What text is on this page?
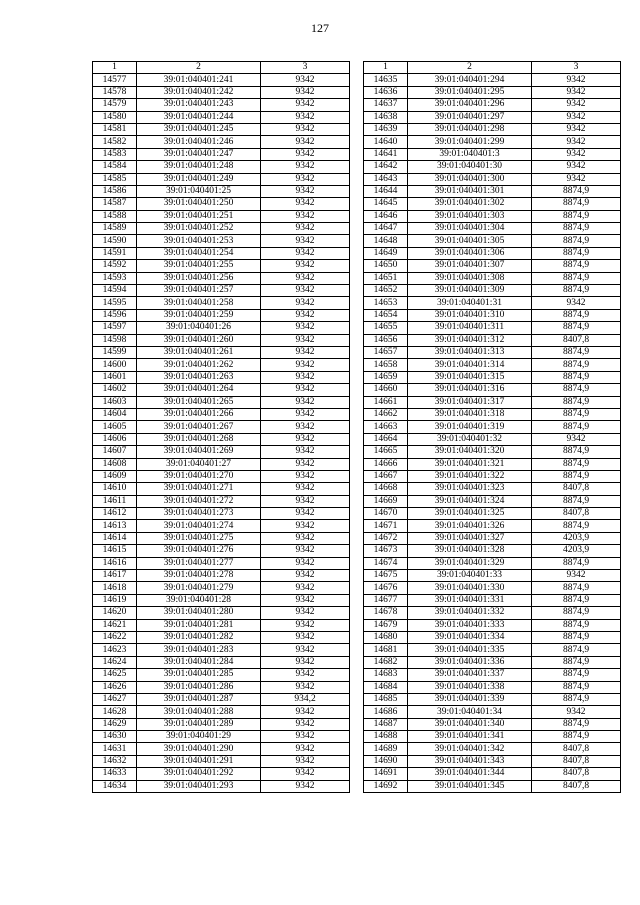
127
1	2	3
14577	39:01:040401:241	9342
14578	39:01:040401:242	9342
14579	39:01:040401:243	9342
14580	39:01:040401:244	9342
14581	39:01:040401:245	9342
14582	39:01:040401:246	9342
14583	39:01:040401:247	9342
14584	39:01:040401:248	9342
14585	39:01:040401:249	9342
14586	39:01:040401:25	9342
14587	39:01:040401:250	9342
14588	39:01:040401:251	9342
14589	39:01:040401:252	9342
14590	39:01:040401:253	9342
14591	39:01:040401:254	9342
14592	39:01:040401:255	9342
14593	39:01:040401:256	9342
14594	39:01:040401:257	9342
14595	39:01:040401:258	9342
14596	39:01:040401:259	9342
14597	39:01:040401:26	9342
14598	39:01:040401:260	9342
14599	39:01:040401:261	9342
14600	39:01:040401:262	9342
14601	39:01:040401:263	9342
14602	39:01:040401:264	9342
14603	39:01:040401:265	9342
14604	39:01:040401:266	9342
14605	39:01:040401:267	9342
14606	39:01:040401:268	9342
14607	39:01:040401:269	9342
14608	39:01:040401:27	9342
14609	39:01:040401:270	9342
14610	39:01:040401:271	9342
14611	39:01:040401:272	9342
14612	39:01:040401:273	9342
14613	39:01:040401:274	9342
14614	39:01:040401:275	9342
14615	39:01:040401:276	9342
14616	39:01:040401:277	9342
14617	39:01:040401:278	9342
14618	39:01:040401:279	9342
14619	39:01:040401:28	9342
14620	39:01:040401:280	9342
14621	39:01:040401:281	9342
14622	39:01:040401:282	9342
14623	39:01:040401:283	9342
14624	39:01:040401:284	9342
14625	39:01:040401:285	9342
14626	39:01:040401:286	9342
14627	39:01:040401:287	934,2
14628	39:01:040401:288	9342
14629	39:01:040401:289	9342
14630	39:01:040401:29	9342
14631	39:01:040401:290	9342
14632	39:01:040401:291	9342
14633	39:01:040401:292	9342
14634	39:01:040401:293	9342
1	2	3
14635	39:01:040401:294	9342
14636	39:01:040401:295	9342
14637	39:01:040401:296	9342
14638	39:01:040401:297	9342
14639	39:01:040401:298	9342
14640	39:01:040401:299	9342
14641	39:01:040401:3	9342
14642	39:01:040401:30	9342
14643	39:01:040401:300	9342
14644	39:01:040401:301	8874,9
14645	39:01:040401:302	8874,9
14646	39:01:040401:303	8874,9
14647	39:01:040401:304	8874,9
14648	39:01:040401:305	8874,9
14649	39:01:040401:306	8874,9
14650	39:01:040401:307	8874,9
14651	39:01:040401:308	8874,9
14652	39:01:040401:309	8874,9
14653	39:01:040401:31	9342
14654	39:01:040401:310	8874,9
14655	39:01:040401:311	8874,9
14656	39:01:040401:312	8407,8
14657	39:01:040401:313	8874,9
14658	39:01:040401:314	8874,9
14659	39:01:040401:315	8874,9
14660	39:01:040401:316	8874,9
14661	39:01:040401:317	8874,9
14662	39:01:040401:318	8874,9
14663	39:01:040401:319	8874,9
14664	39:01:040401:32	9342
14665	39:01:040401:320	8874,9
14666	39:01:040401:321	8874,9
14667	39:01:040401:322	8874,9
14668	39:01:040401:323	8407,8
14669	39:01:040401:324	8874,9
14670	39:01:040401:325	8407,8
14671	39:01:040401:326	8874,9
14672	39:01:040401:327	4203,9
14673	39:01:040401:328	4203,9
14674	39:01:040401:329	8874,9
14675	39:01:040401:33	9342
14676	39:01:040401:330	8874,9
14677	39:01:040401:331	8874,9
14678	39:01:040401:332	8874,9
14679	39:01:040401:333	8874,9
14680	39:01:040401:334	8874,9
14681	39:01:040401:335	8874,9
14682	39:01:040401:336	8874,9
14683	39:01:040401:337	8874,9
14684	39:01:040401:338	8874,9
14685	39:01:040401:339	8874,9
14686	39:01:040401:34	9342
14687	39:01:040401:340	8874,9
14688	39:01:040401:341	8874,9
14689	39:01:040401:342	8407,8
14690	39:01:040401:343	8407,8
14691	39:01:040401:344	8407,8
14692	39:01:040401:345	8407,8
